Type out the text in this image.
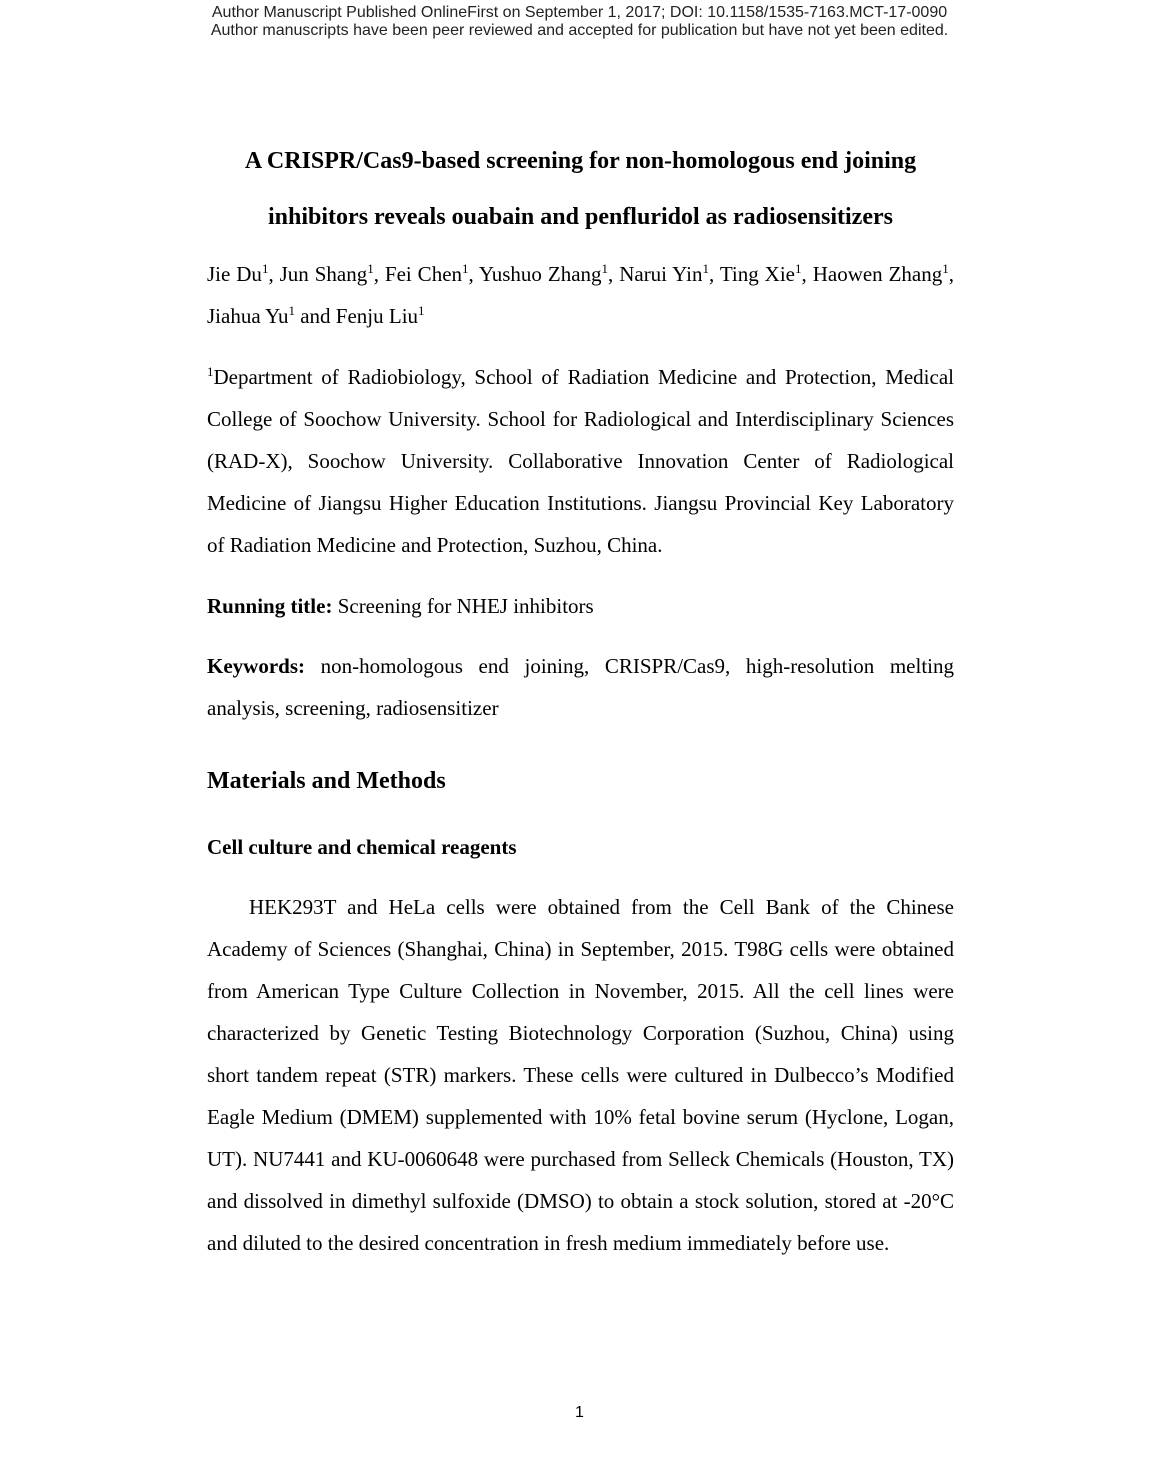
Author Manuscript Published OnlineFirst on September 1, 2017; DOI: 10.1158/1535-7163.MCT-17-0090
Author manuscripts have been peer reviewed and accepted for publication but have not yet been edited.
A CRISPR/Cas9-based screening for non-homologous end joining inhibitors reveals ouabain and penfluridol as radiosensitizers
Jie Du$^1$, Jun Shang$^1$, Fei Chen$^1$, Yushuo Zhang$^1$, Narui Yin$^1$, Ting Xie$^1$, Haowen Zhang$^1$, Jiahua Yu$^1$ and Fenju Liu$^1$
$^1$Department of Radiobiology, School of Radiation Medicine and Protection, Medical College of Soochow University. School for Radiological and Interdisciplinary Sciences (RAD-X), Soochow University. Collaborative Innovation Center of Radiological Medicine of Jiangsu Higher Education Institutions. Jiangsu Provincial Key Laboratory of Radiation Medicine and Protection, Suzhou, China.
Running title: Screening for NHEJ inhibitors
Keywords: non-homologous end joining, CRISPR/Cas9, high-resolution melting analysis, screening, radiosensitizer
Materials and Methods
Cell culture and chemical reagents
HEK293T and HeLa cells were obtained from the Cell Bank of the Chinese Academy of Sciences (Shanghai, China) in September, 2015. T98G cells were obtained from American Type Culture Collection in November, 2015. All the cell lines were characterized by Genetic Testing Biotechnology Corporation (Suzhou, China) using short tandem repeat (STR) markers. These cells were cultured in Dulbecco’s Modified Eagle Medium (DMEM) supplemented with 10% fetal bovine serum (Hyclone, Logan, UT). NU7441 and KU-0060648 were purchased from Selleck Chemicals (Houston, TX) and dissolved in dimethyl sulfoxide (DMSO) to obtain a stock solution, stored at -20°C and diluted to the desired concentration in fresh medium immediately before use.
1
